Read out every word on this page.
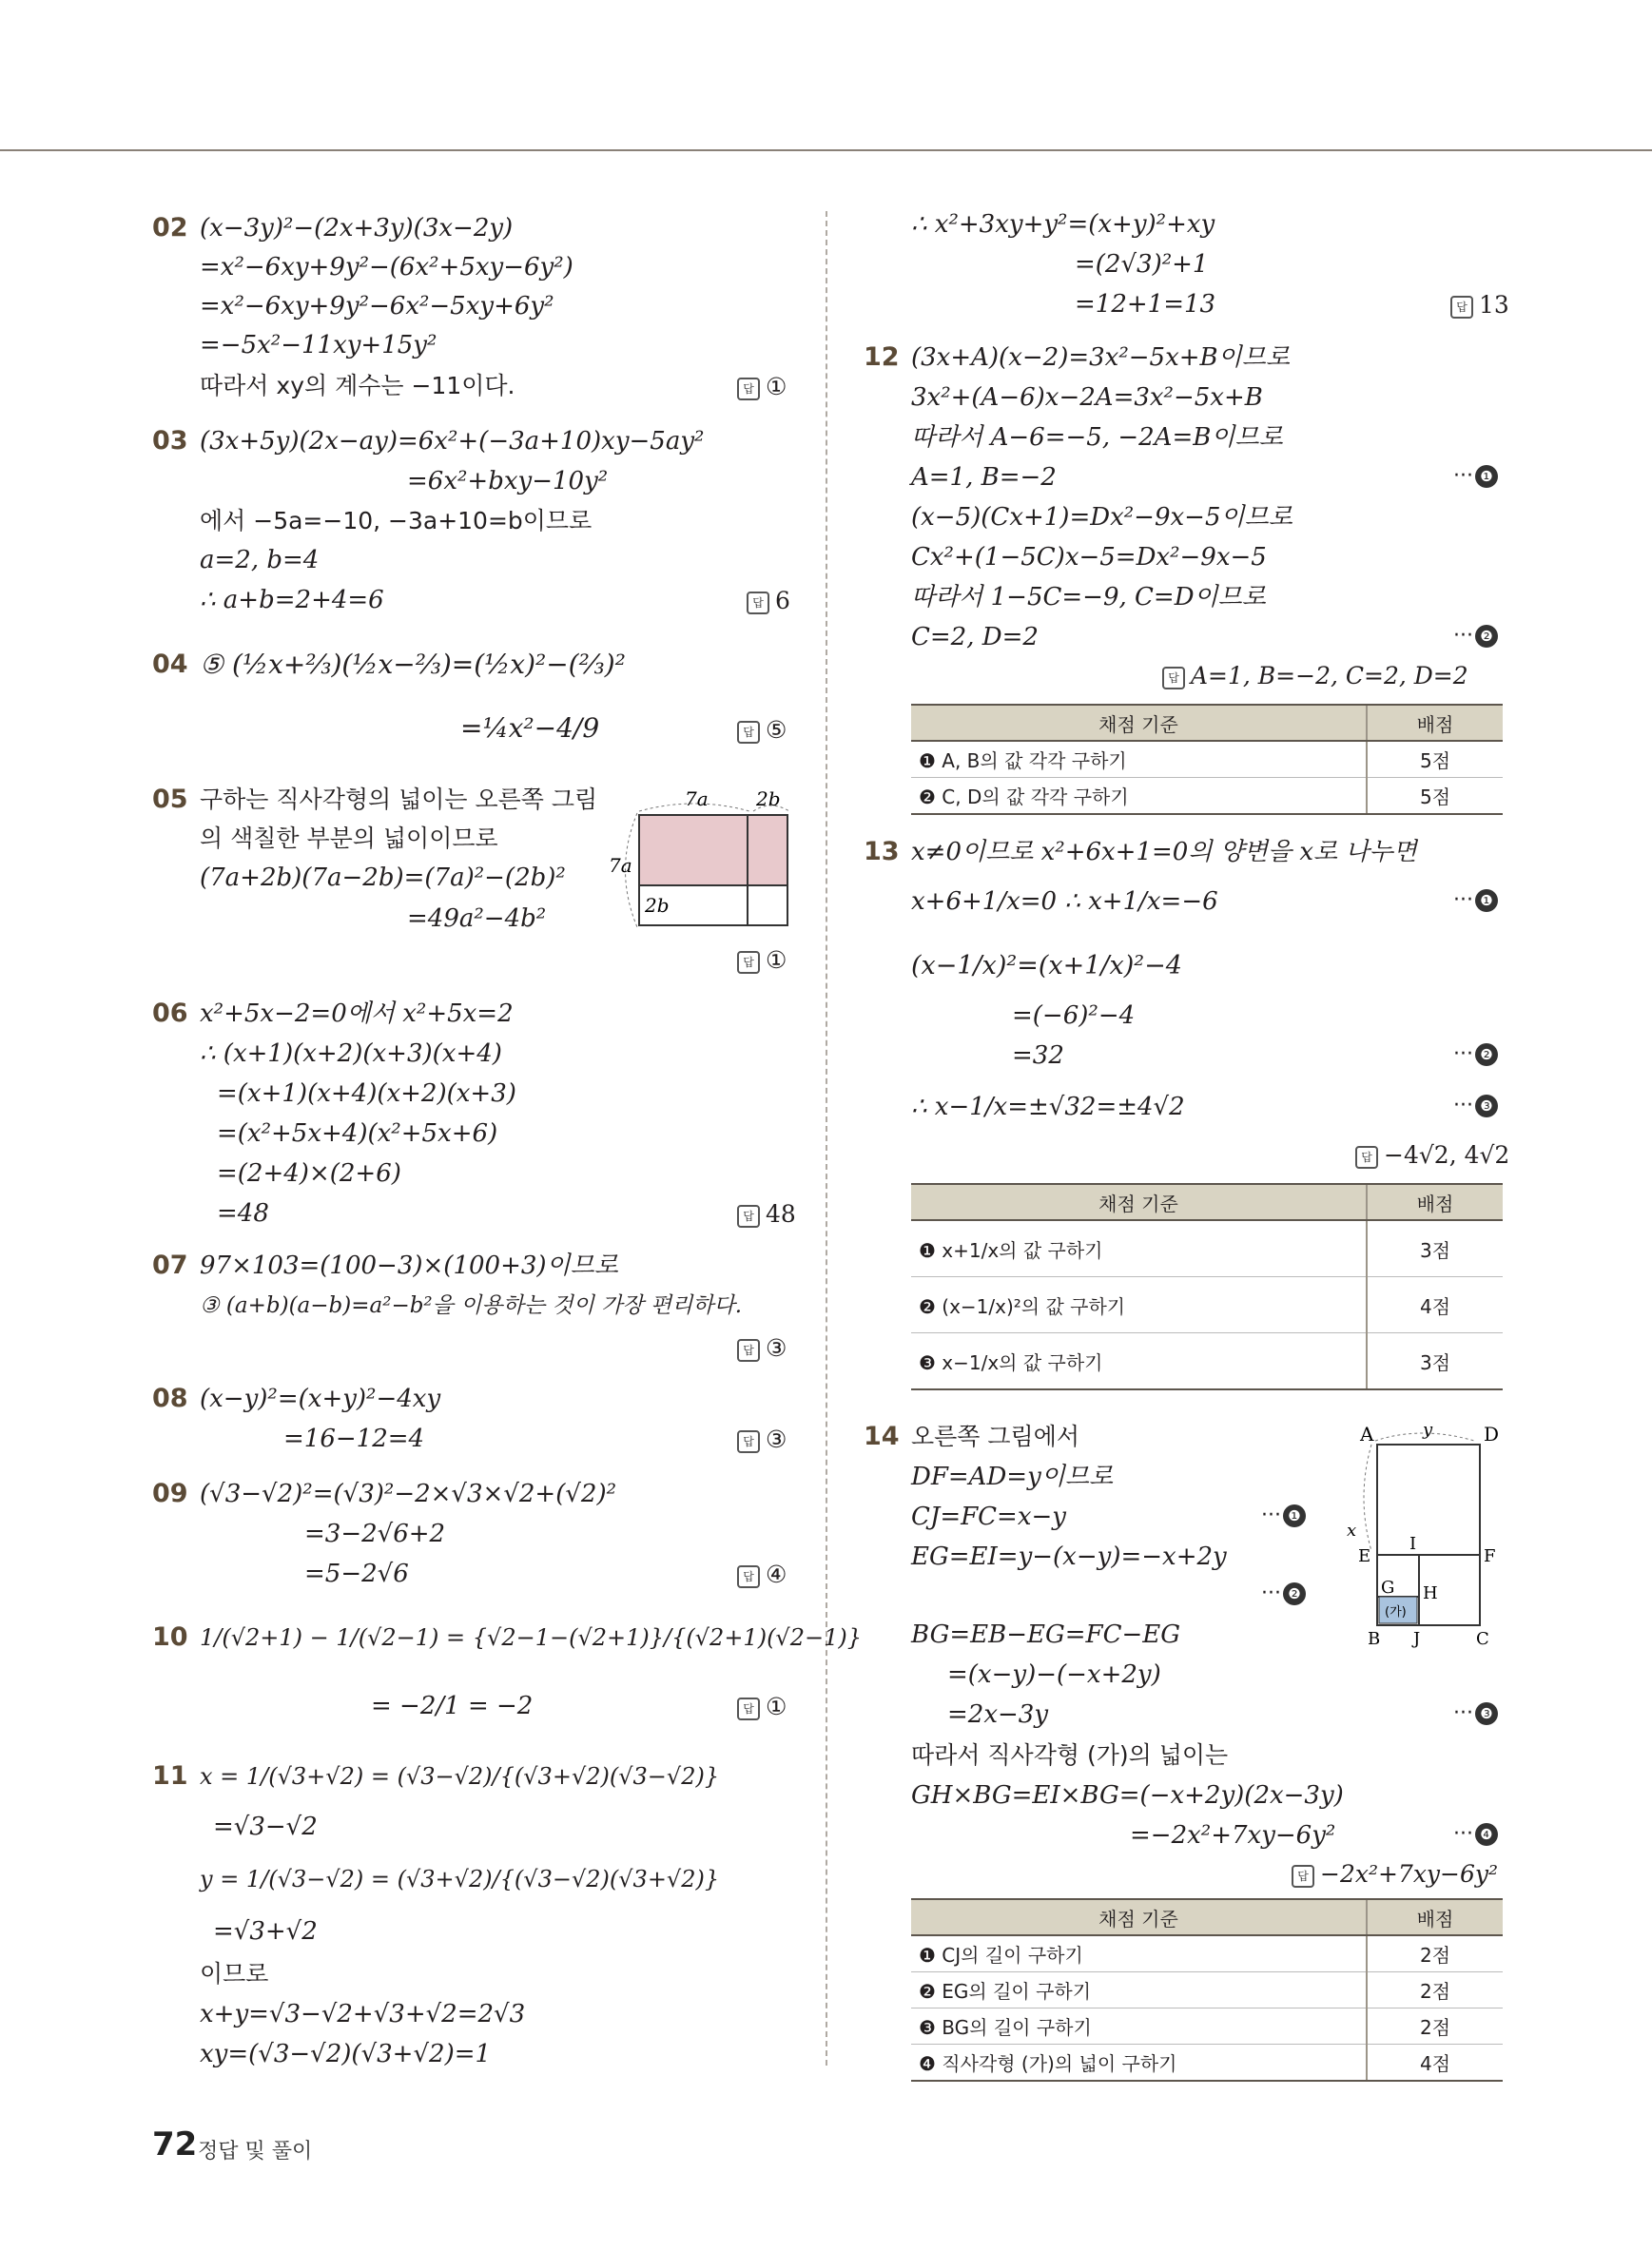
02 (x−3y)²−(2x+3y)(3x−2y)
=x²−6xy+9y²−(6x²+5xy−6y²)
=x²−6xy+9y²−6x²−5xy+6y²
=−5x²−11xy+15y²
따라서 xy의 계수는 −11이다.	답 ①
03 (3x+5y)(2x−ay)=6x²+(−3a+10)xy−5ay²
=6x²+bxy−10y²
에서 −5a=−10, −3a+10=b이므로
a=2, b=4
∴ a+b=2+4=6	답 6
04 ⑤ (½x+⅔)(½x−⅔)=(½x)²−(⅔)²
=¼x²−4/9	답 ⑤
05 구하는 직사각형의 넓이는 오른쪽 그림
의 색칠한 부분의 넓이이므로
(7a+2b)(7a−2b)=(7a)²−(2b)²
=49a²−4b²
7a	2b
7a
2b
답 ①
06 x²+5x−2=0에서 x²+5x=2
∴ (x+1)(x+2)(x+3)(x+4)
=(x+1)(x+4)(x+2)(x+3)
=(x²+5x+4)(x²+5x+6)
=(2+4)×(2+6)
=48	답 48
07 97×103=(100−3)×(100+3)이므로
③ (a+b)(a−b)=a²−b²을 이용하는 것이 가장 편리하다.
답 ③
08 (x−y)²=(x+y)²−4xy
=16−12=4	답 ③
09 (√3−√2)²=(√3)²−2×√3×√2+(√2)²
=3−2√6+2
=5−2√6	답 ④
10 1/(√2+1) − 1/(√2−1) = {√2−1−(√2+1)}/{(√2+1)(√2−1)}
= −2/1 = −2	답 ①
11 x = 1/(√3+√2) = (√3−√2)/{(√3+√2)(√3−√2)}
=√3−√2
y = 1/(√3−√2) = (√3+√2)/{(√3−√2)(√3+√2)}
=√3+√2
이므로
x+y=√3−√2+√3+√2=2√3
xy=(√3−√2)(√3+√2)=1
∴ x²+3xy+y²=(x+y)²+xy
=(2√3)²+1
=12+1=13	답 13
12 (3x+A)(x−2)=3x²−5x+B이므로
3x²+(A−6)x−2A=3x²−5x+B
따라서 A−6=−5, −2A=B이므로
A=1, B=−2	··· ❶
(x−5)(Cx+1)=Dx²−9x−5이므로
Cx²+(1−5C)x−5=Dx²−9x−5
따라서 1−5C=−9, C=D이므로
C=2, D=2	··· ❷
답 A=1, B=−2, C=2, D=2
채점 기준	배점
❶ A, B의 값 각각 구하기	5점
❷ C, D의 값 각각 구하기	5점
13 x≠0이므로 x²+6x+1=0의 양변을 x로 나누면
x+6+1/x=0 ∴ x+1/x=−6	··· ❶
(x−1/x)²=(x+1/x)²−4
=(−6)²−4
=32	··· ❷
∴ x−1/x=±√32=±4√2	··· ❸
답 −4√2, 4√2
채점 기준	배점
❶ x+1/x의 값 구하기	3점
❷ (x−1/x)²의 값 구하기	4점
❸ x−1/x의 값 구하기	3점
14 오른쪽 그림에서
DF=AD=y이므로
CJ=FC=x−y	··· ❶
EG=EI=y−(x−y)=−x+2y
··· ❷
BG=EB−EG=FC−EG
=(x−y)−(−x+2y)
=2x−3y	··· ❸
따라서 직사각형 (가)의 넓이는
GH×BG=EI×BG=(−x+2y)(2x−3y)
=−2x²+7xy−6y²	··· ❹
답 −2x²+7xy−6y²
A	D
y
x
E
I
F
G H
(가)
B J	C
채점 기준	배점
❶ CJ의 길이 구하기	2점
❷ EG의 길이 구하기	2점
❸ BG의 길이 구하기	2점
❹ 직사각형 (가)의 넓이 구하기	4점
72 정답 및 풀이
